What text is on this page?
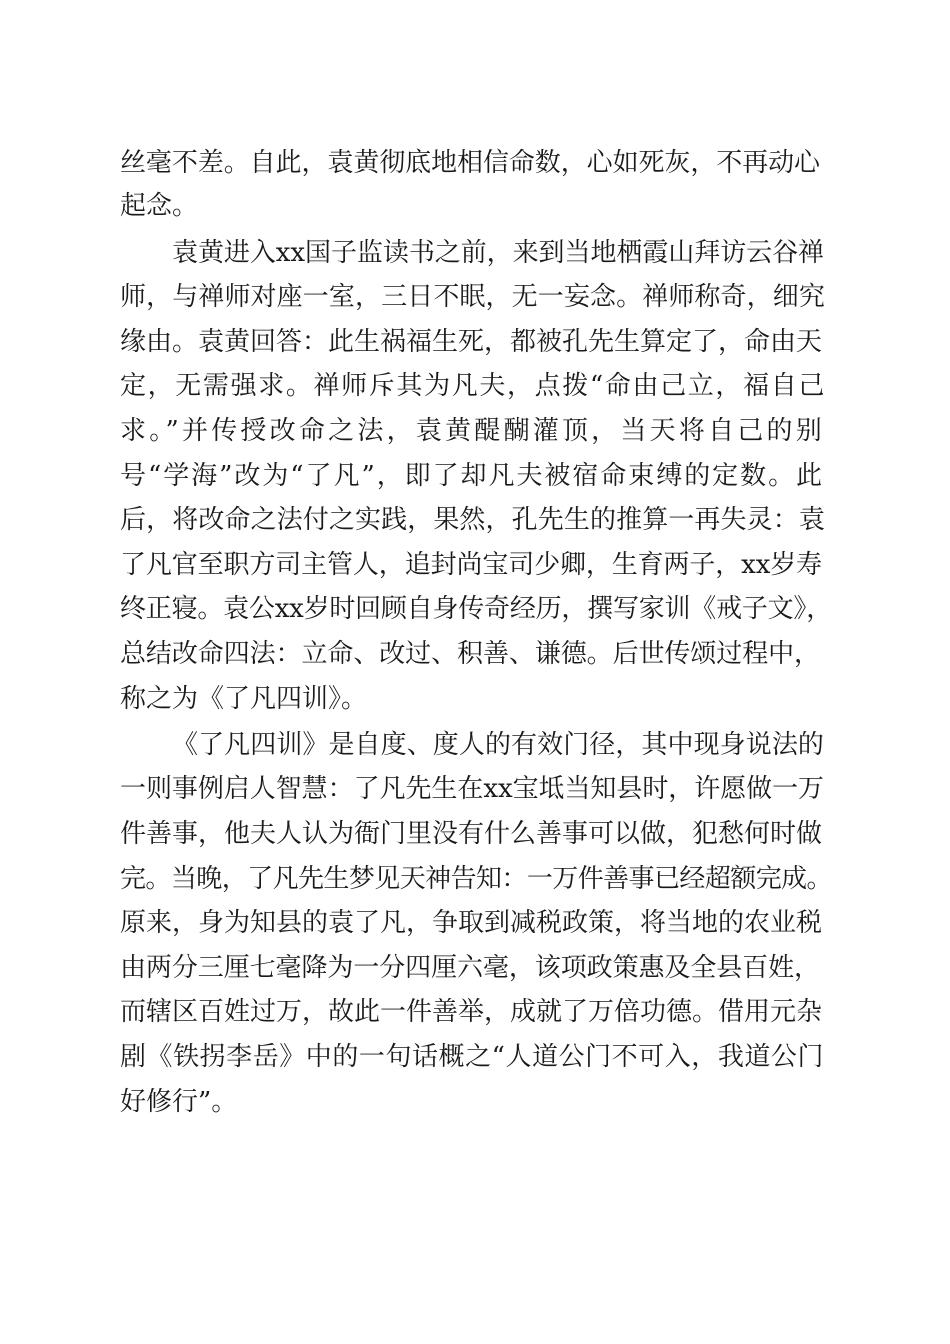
丝毫不差。自此，袁黄彻底地相信命数，心如死灰，不再动心
起念。
袁黄进入xx国子监读书之前，来到当地栖霞山拜访云谷禅
师，与禅师对座一室，三日不眠，无一妄念。禅师称奇，细究
缘由。袁黄回答：此生祸福生死，都被孔先生算定了，命由天
定，无需强求。禅师斥其为凡夫，点拨“命由己立，福自己
求。”并传授改命之法，袁黄醍醐灌顶，当天将自己的别
号“学海”改为“了凡”，即了却凡夫被宿命束缚的定数。此
后，将改命之法付之实践，果然，孔先生的推算一再失灵：袁
了凡官至职方司主管人，追封尚宝司少卿，生育两子，xx岁寿
终正寝。袁公xx岁时回顾自身传奇经历，撰写家训《戒子文》，
总结改命四法：立命、改过、积善、谦德。后世传颂过程中，
称之为《了凡四训》。
《了凡四训》是自度、度人的有效门径，其中现身说法的
一则事例启人智慧：了凡先生在xx宝坻当知县时，许愿做一万
件善事，他夫人认为衙门里没有什么善事可以做，犯愁何时做
完。当晚，了凡先生梦见天神告知：一万件善事已经超额完成。
原来，身为知县的袁了凡，争取到减税政策，将当地的农业税
由两分三厘七毫降为一分四厘六毫，该项政策惠及全县百姓，
而辖区百姓过万，故此一件善举，成就了万倍功德。借用元杂
剧《铁拐李岳》中的一句话概之“人道公门不可入，我道公门
好修行”。
